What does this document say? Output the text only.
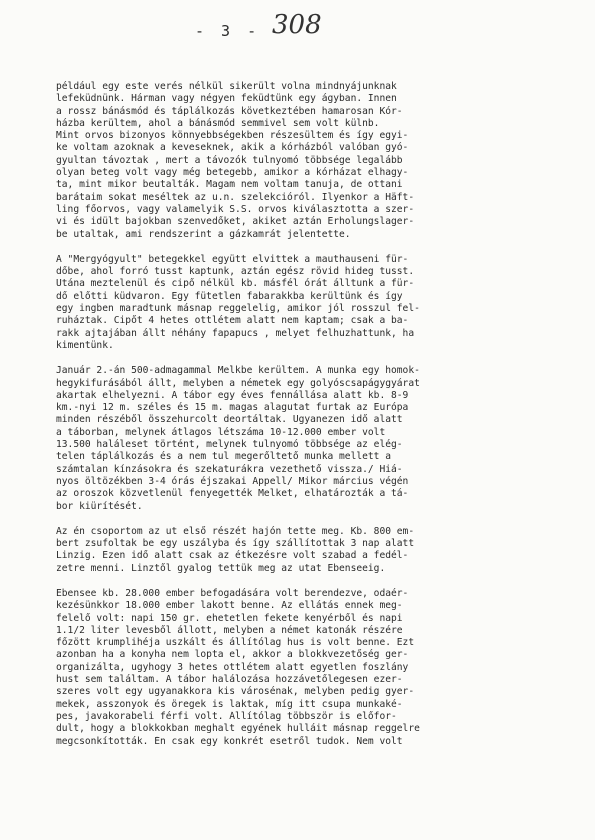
- 3 - 308
például egy este verés nélkül sikerült volna mindnyájunknak
lefeküdnünk. Hárman vagy négyen feküdtünk egy ágyban. Innen
a rossz bánásmód és táplálkozás következtében hamarosan Kór-
házba kerültem, ahol a bánásmód semmivel sem volt külnb.
Mint orvos bizonyos könnyebbségekben részesültem és így egyi-
ke voltam azoknak a keveseknek, akik a kórházból valóban gyó-
gyultan távoztak , mert a távozók tulnyomó többsége legalább
olyan beteg volt vagy még betegebb, amikor a kórházat elhagy-
ta, mint mikor beutalták. Magam nem voltam tanuja, de ottani
barátaim sokat meséltek az u.n. szelekcióról. Ilyenkor a Häft-
ling főorvos, vagy valamelyik S.S. orvos kiválasztotta a szer-
vi és idült bajokban szenvedőket, akiket aztán Erholungslager-
be utaltak, ami rendszerint a gázkamrát jelentette.
A "Mergyógyult" betegekkel együtt elvittek a mauthauseni für-
dőbe, ahol forró tusst kaptunk, aztán egész rövid hideg tusst.
Utána meztelenül és cipő nélkül kb. másfél órát álltunk a für-
dő előtti küdvaron. Egy fütetlen fabarakkba kerültünk és így
egy ingben maradtunk másnap reggelelig, amikor jól rosszul fel-
ruháztak. Cipőt 4 hetes ottlétem alatt nem kaptam; csak a ba-
rakk ajtajában állt néhány fapapucs , melyet felhuzhattunk, ha
kimentünk.
Január 2.-án 500-admagammal Melkbe kerültem. A munka egy homok-
hegykifurásából állt, melyben a németek egy golyóscsapágygyárat
akartak elhelyezni. A tábor egy éves fennállása alatt kb. 8-9
km.-nyi 12 m. széles és 15 m. magas alagutat furtak az Európa
minden részéből összehurcolt deortáltak. Ugyanezen idő alatt
a táborban, melynek átlagos létszáma 10-12.000 ember volt
13.500 haláleset történt, melynek tulnyomó többsége az elég-
telen táplálkozás és a nem tul megerőltető munka mellett a
számtalan kínzásokra és szekaturákra vezethető vissza./ Hiá-
nyos öltözékben 3-4 órás éjszakai Appell/ Mikor március végén
az oroszok közvetlenül fenyegették Melket, elhatározták a tá-
bor kiürítését.
Az én csoportom az ut első részét hajón tette meg. Kb. 800 em-
bert zsufoltak be egy uszályba és így szállítottak 3 nap alatt
Linzig. Ezen idő alatt csak az étkezésre volt szabad a fedél-
zetre menni. Linztől gyalog tettük meg az utat Ebenseeig.
Ebensee kb. 28.000 ember befogadására volt berendezve, odaér-
kezésünkkor 18.000 ember lakott benne. Az ellátás ennek meg-
felelő volt: napi 150 gr. ehetetlen fekete kenyérből és napi
1.1/2 liter levesből állott, melyben a német katonák részére
főzött krumplihéja uszkált és állítólag hus is volt benne. Ezt
azonban ha a konyha nem lopta el, akkor a blokkvezetőség ger-
organizálta, ugyhogy 3 hetes ottlétem alatt egyetlen foszlány
hust sem találtam. A tábor halálozása hozzávetőlegesen ezer-
szeres volt egy ugyanakkora kis városénak, melyben pedig gyer-
mekek, asszonyok és öregek is laktak, míg itt csupa munkaké-
pes, javakorabeli férfi volt. Állítólag többször is előfor-
dult, hogy a blokkokban meghalt egyének hulláit másnap reggelre
megcsonkították. Én csak egy konkrét esetről tudok. Nem volt
